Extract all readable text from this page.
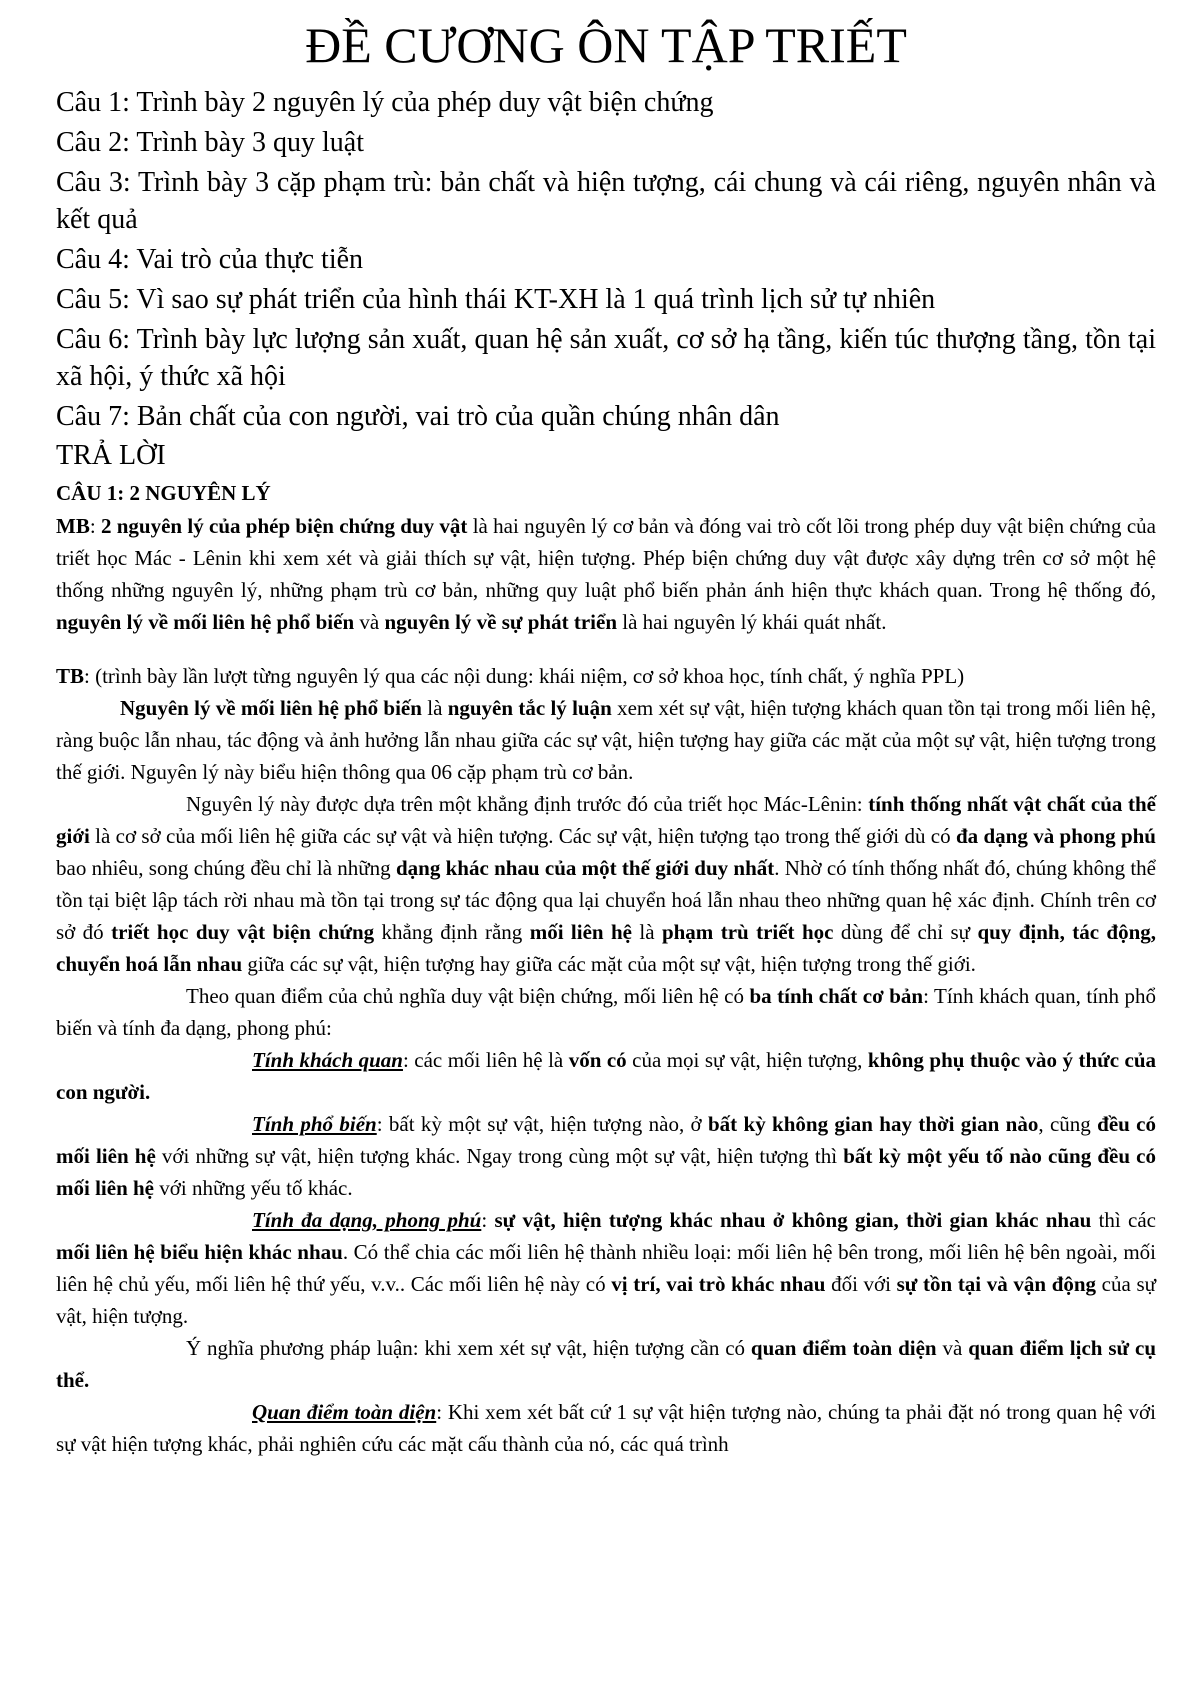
ĐỀ CƯƠNG ÔN TẬP TRIẾT

Câu 1: Trình bày 2 nguyên lý của phép duy vật biện chứng

Câu 2: Trình bày 3 quy luật

Câu 3: Trình bày 3 cặp phạm trù: bản chất và hiện tượng, cái chung và cái riêng, nguyên nhân và kết quả

Câu 4: Vai trò của thực tiễn

Câu 5: Vì sao sự phát triển của hình thái KT-XH là 1 quá trình lịch sử tự nhiên

Câu 6: Trình bày lực lượng sản xuất, quan hệ sản xuất, cơ sở hạ tầng, kiến túc thượng tầng, tồn tại xã hội, ý thức xã hội

Câu 7: Bản chất của con người, vai trò của quần chúng nhân dân

TRẢ LỜI
CÂU 1: 2 NGUYÊN LÝ

MB: 2 nguyên lý của phép biện chứng duy vật là hai nguyên lý cơ bản và đóng vai trò cốt lõi trong phép duy vật biện chứng của triết học Mác - Lênin khi xem xét và giải thích sự vật, hiện tượng. Phép biện chứng duy vật được xây dựng trên cơ sở một hệ thống những nguyên lý, những phạm trù cơ bản, những quy luật phổ biến phản ánh hiện thực khách quan. Trong hệ thống đó, nguyên lý về mối liên hệ phổ biến và nguyên lý về sự phát triển là hai nguyên lý khái quát nhất.

TB: (trình bày lần lượt từng nguyên lý qua các nội dung: khái niệm, cơ sở khoa học, tính chất, ý nghĩa PPL)

Nguyên lý về mối liên hệ phổ biến là nguyên tắc lý luận xem xét sự vật, hiện tượng khách quan tồn tại trong mối liên hệ, ràng buộc lẫn nhau, tác động và ảnh hưởng lẫn nhau giữa các sự vật, hiện tượng hay giữa các mặt của một sự vật, hiện tượng trong thế giới. Nguyên lý này biểu hiện thông qua 06 cặp phạm trù cơ bản.

Nguyên lý này được dựa trên một khẳng định trước đó của triết học Mác-Lênin: tính thống nhất vật chất của thế giới là cơ sở của mối liên hệ giữa các sự vật và hiện tượng. Các sự vật, hiện tượng tạo trong thế giới dù có đa dạng và phong phú bao nhiêu, song chúng đều chỉ là những dạng khác nhau của một thế giới duy nhất. Nhờ có tính thống nhất đó, chúng không thể tồn tại biệt lập tách rời nhau mà tồn tại trong sự tác động qua lại chuyển hoá lẫn nhau theo những quan hệ xác định. Chính trên cơ sở đó triết học duy vật biện chứng khẳng định rằng mối liên hệ là phạm trù triết học dùng để chỉ sự quy định, tác động, chuyển hoá lẫn nhau giữa các sự vật, hiện tượng hay giữa các mặt của một sự vật, hiện tượng trong thế giới.

Theo quan điểm của chủ nghĩa duy vật biện chứng, mối liên hệ có ba tính chất cơ bản: Tính khách quan, tính phổ biến và tính đa dạng, phong phú:

Tính khách quan: các mối liên hệ là vốn có của mọi sự vật, hiện tượng, không phụ thuộc vào ý thức của con người.

Tính phổ biến: bất kỳ một sự vật, hiện tượng nào, ở bất kỳ không gian hay thời gian nào, cũng đều có mối liên hệ với những sự vật, hiện tượng khác. Ngay trong cùng một sự vật, hiện tượng thì bất kỳ một yếu tố nào cũng đều có mối liên hệ với những yếu tố khác.

Tính đa dạng, phong phú: sự vật, hiện tượng khác nhau ở không gian, thời gian khác nhau thì các mối liên hệ biểu hiện khác nhau. Có thể chia các mối liên hệ thành nhiều loại: mối liên hệ bên trong, mối liên hệ bên ngoài, mối liên hệ chủ yếu, mối liên hệ thứ yếu, v.v.. Các mối liên hệ này có vị trí, vai trò khác nhau đối với sự tồn tại và vận động của sự vật, hiện tượng.

Ý nghĩa phương pháp luận: khi xem xét sự vật, hiện tượng cần có quan điểm toàn diện và quan điểm lịch sử cụ thể.

Quan điểm toàn diện: Khi xem xét bất cứ 1 sự vật hiện tượng nào, chúng ta phải đặt nó trong quan hệ với sự vật hiện tượng khác, phải nghiên cứu các mặt cấu thành của nó, các quá trình
